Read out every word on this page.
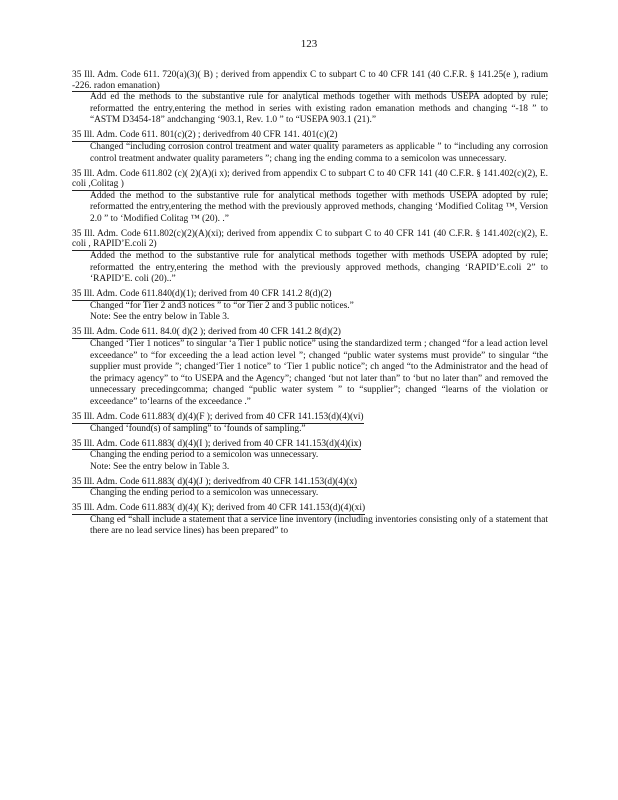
123
35 Ill. Adm. Code 611. 720(a)(3)( B) ; derived from appendix C to subpart C to 40 CFR 141 (40 C.F.R. § 141.25(e ), radium -226. radon emanation)
Add ed the methods to the substantive rule for analytical methods together with methods USEPA adopted by rule; reformatted the entry,entering the method in series with existing radon emanation methods and changing “-18 ” to “ASTM D3454-18” andchanging ‘903.1, Rev. 1.0 ” to “USEPA 903.1 (21).”
35 Ill. Adm. Code 611. 801(c)(2) ; derivedfrom 40 CFR 141. 401(c)(2)
Changed “including corrosion control treatment and water quality parameters as applicable ” to “including any corrosion control treatment andwater quality parameters ”; chang ing the ending comma to a semicolon was unnecessary.
35 Ill. Adm. Code 611.802 (c)( 2)(A)(i x); derived from appendix C to subpart C to 40 CFR 141 (40 C.F.R. § 141.402(c)(2), E. coli ,Colitag )
Added the method to the substantive rule for analytical methods together with methods USEPA adopted by rule; reformatted the entry,entering the method with the previously approved methods, changing ‘Modified Colitag ™, Version 2.0 ” to ‘Modified Colitag ™ (20). .”
35 Ill. Adm. Code 611.802(c)(2)(A)(xi); derived from appendix C to subpart C to 40 CFR 141 (40 C.F.R. § 141.402(c)(2), E. coli , RAPID’E.coli 2)
Added the method to the substantive rule for analytical methods together with methods USEPA adopted by rule; reformatted the entry,entering the method with the previously approved methods, changing ‘RAPID’E.coli 2” to ‘RAPID’E. coli (20)..”
35 Ill. Adm. Code 611.840(d)(1); derived from 40 CFR 141.2 8(d)(2)
Changed “for Tier 2 and3 notices ” to “or Tier 2 and 3 public notices.”
Note: See the entry below in Table 3.
35 Ill. Adm. Code 611. 84.0( d)(2 ); derived from 40 CFR 141.2 8(d)(2)
Changed ‘Tier 1 notices” to singular ‘a Tier 1 public notice” using the standardized term ; changed “for a lead action level exceedance” to “for exceeding the a lead action level ”; changed “public water systems must provide” to singular “the supplier must provide ”; changed‘Tier 1 notice” to ‘Tier 1 public notice”; ch anged “to the Administrator and the head of the primacy agency” to “to USEPA and the Agency”; changed ‘but not later than” to ‘but no later than” and removed the unnecessary precedingcomma; changed “public water system ” to “supplier”; changed “learns of the violation or exceedance” to‘learns of the exceedance .”
35 Ill. Adm. Code 611.883( d)(4)(F ); derived from 40 CFR 141.153(d)(4)(vi)
Changed ‘found(s) of sampling” to ‘founds of sampling.”
35 Ill. Adm. Code 611.883( d)(4)(I ); derived from 40 CFR 141.153(d)(4)(ix)
Changing the ending period to a semicolon was unnecessary.
Note: See the entry below in Table 3.
35 Ill. Adm. Code 611.883( d)(4)(J ); derivedfrom 40 CFR 141.153(d)(4)(x)
Changing the ending period to a semicolon was unnecessary.
35 Ill. Adm. Code 611.883( d)(4)( K); derived from 40 CFR 141.153(d)(4)(xi)
Chang ed “shall include a statement that a service line inventory (including inventories consisting only of a statement that there are no lead service lines) has been prepared” to
